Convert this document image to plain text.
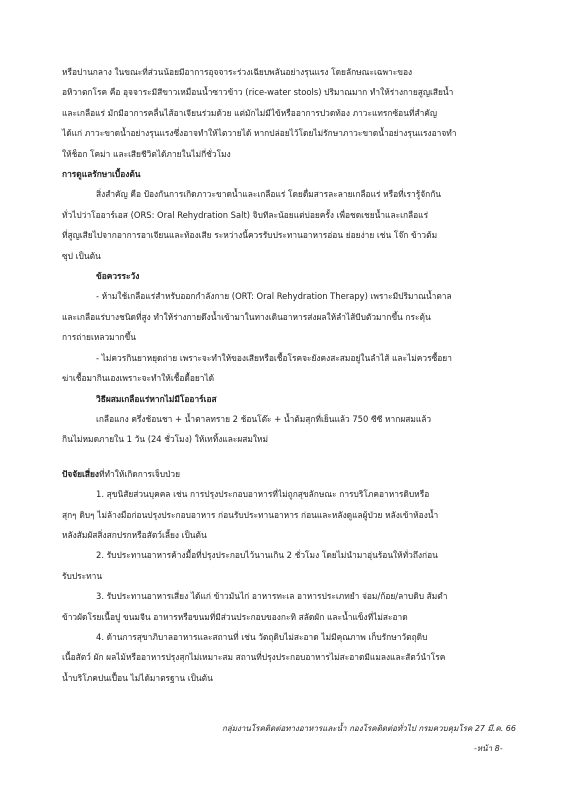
หรือปานกลาง ในขณะที่ส่วนน้อยมีอาการอุจจาระร่วงเฉียบพลันอย่างรุนแรง โดยลักษณะเฉพาะของ

อหิวาตกโรค คือ อุจจาระมีสีขาวเหมือนน้ำซาวข้าว (rice-water stools) ปริมาณมาก ทำให้ร่างกายสูญเสียน้ำ

และเกลือแร่ มักมีอาการคลื่นไส้อาเจียนร่วมด้วย แต่มักไม่มีไข้หรืออาการปวดท้อง ภาวะแทรกซ้อนที่สำคัญ

ได้แก่ ภาวะขาดน้ำอย่างรุนแรงซึ่งอาจทำให้ไตวายได้ หากปล่อยไว้โดยไม่รักษาภาวะขาดน้ำอย่างรุนแรงอาจทำ

ให้ช็อก โคม่า และเสียชีวิตได้ภายในไม่กี่ชั่วโมง

การดูแลรักษาเบื้องต้น

สิ่งสำคัญ คือ ป้องกันการเกิดภาวะขาดน้ำและเกลือแร่ โดยดื่มสารละลายเกลือแร่ หรือที่เรารู้จักกัน

ทั่วไปว่าโออาร์เอส (ORS: Oral Rehydration Salt) จิบทีละน้อยแต่บ่อยครั้ง เพื่อชดเชยน้ำและเกลือแร่

ที่สูญเสียไปจากอาการอาเจียนและท้องเสีย ระหว่างนี้ควรรับประทานอาหารอ่อน ย่อยง่าย เช่น โจ๊ก ข้าวต้ม

ซุป เป็นต้น

ข้อควรระวัง

- ห้ามใช้เกลือแร่สำหรับออกกำลังกาย (ORT: Oral Rehydration Therapy) เพราะมีปริมาณน้ำตาล

และเกลือแร่บางชนิดที่สูง ทำให้ร่างกายดึงน้ำเข้ามาในทางเดินอาหารส่งผลให้ลำไส้บีบตัวมากขึ้น กระตุ้น

การถ่ายเหลวมากขึ้น

- ไม่ควรกินยาหยุดถ่าย เพราะจะทำให้ของเสียหรือเชื้อโรคจะยังคงสะสมอยู่ในลำไส้ และไม่ควรซื้อยา

ฆ่าเชื้อมากินเองเพราะจะทำให้เชื้อดื้อยาได้

วิธีผสมเกลือแร่หากไม่มีโออาร์เอส

เกลือแกง ครึ่งช้อนชา + น้ำตาลทราย 2 ช้อนโต๊ะ + น้ำต้มสุกที่เย็นแล้ว 750 ซีซี หากผสมแล้ว

กินไม่หมดภายใน 1 วัน (24 ชั่วโมง) ให้เททิ้งและผสมใหม่

ปัจจัยเสี่ยงที่ทำให้เกิดการเจ็บป่วย

1. สุขนิสัยส่วนบุคคล เช่น การปรุงประกอบอาหารที่ไม่ถูกสุขลักษณะ การบริโภคอาหารดิบหรือ

สุกๆ ดิบๆ ไม่ล้างมือก่อนปรุงประกอบอาหาร ก่อนรับประทานอาหาร ก่อนและหลังดูแลผู้ป่วย หลังเข้าห้องน้ำ

หลังสัมผัสสิ่งสกปรกหรือสัตว์เลี้ยง เป็นต้น

2. รับประทานอาหารค้างมื้อที่ปรุงประกอบไว้นานเกิน 2 ชั่วโมง โดยไม่นำมาอุ่นร้อนให้ทั่วถึงก่อน

รับประทาน

3. รับประทานอาหารเสี่ยง ได้แก่ ข้าวมันไก่ อาหารทะเล อาหารประเภทยำ จ่อม/ก้อย/ลาบดิบ ส้มตำ

ข้าวผัดโรยเนื้อปู ขนมจีน อาหารหรือขนมที่มีส่วนประกอบของกะทิ สลัดผัก และน้ำแข็งที่ไม่สะอาด

4. ด้านการสุขาภิบาลอาหารและสถานที่ เช่น วัตถุดิบไม่สะอาด ไม่มีคุณภาพ เก็บรักษาวัตถุดิบ

เนื้อสัตว์ ผัก ผลไม้หรืออาหารปรุงสุกไม่เหมาะสม สถานที่ปรุงประกอบอาหารไม่สะอาดมีแมลงและสัตว์นำโรค

น้ำบริโภคปนเปื้อน ไม่ได้มาตรฐาน เป็นต้น

กลุ่มงานโรคติดต่อทางอาหารและน้ำ กองโรคติดต่อทั่วไป กรมควบคุมโรค 27 มี.ค. 66
-หน้า 8-
